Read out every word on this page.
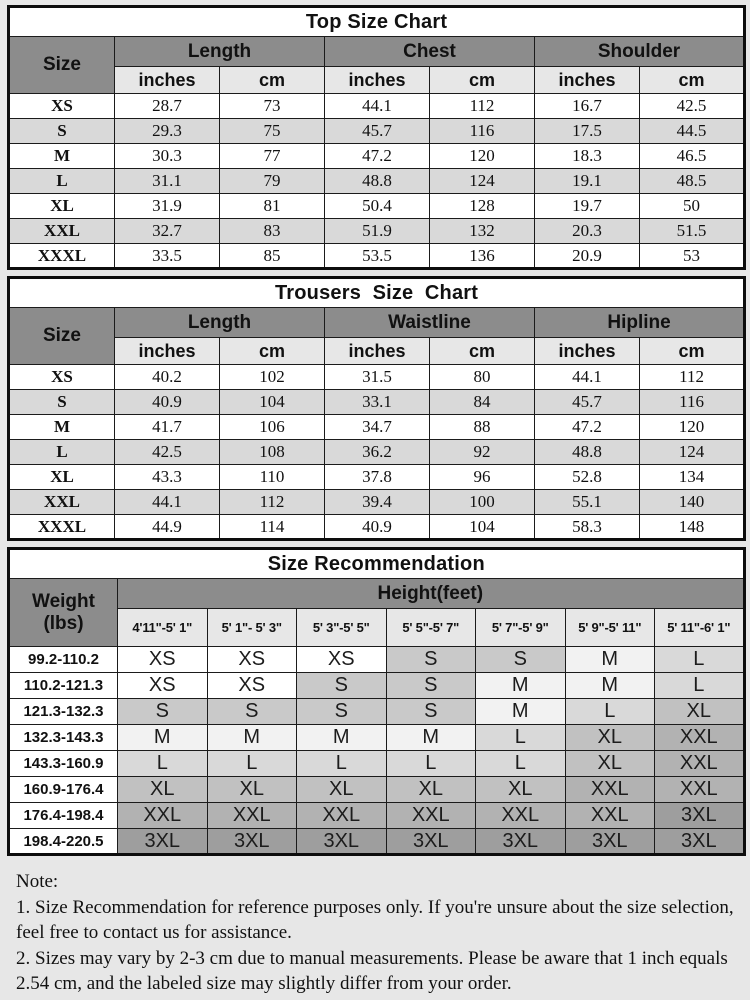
Top Size Chart						
Size	Length		Chest		Shoulder	
	inches	cm	inches	cm	inches	cm
XS	28.7	73	44.1	112	16.7	42.5
S	29.3	75	45.7	116	17.5	44.5
M	30.3	77	47.2	120	18.3	46.5
L	31.1	79	48.8	124	19.1	48.5
XL	31.9	81	50.4	128	19.7	50
XXL	32.7	83	51.9	132	20.3	51.5
XXXL	33.5	85	53.5	136	20.9	53
Trousers  Size  Chart						
Size	Length		Waistline		Hipline	
	inches	cm	inches	cm	inches	cm
XS	40.2	102	31.5	80	44.1	112
S	40.9	104	33.1	84	45.7	116
M	41.7	106	34.7	88	47.2	120
L	42.5	108	36.2	92	48.8	124
XL	43.3	110	37.8	96	52.8	134
XXL	44.1	112	39.4	100	55.1	140
XXXL	44.9	114	40.9	104	58.3	148
Size Recommendation							

Weight
(lbs)	Height(feet)						
	4'11"-5' 1"	5' 1"- 5' 3"	5' 3"-5' 5"	5' 5"-5' 7"	5' 7"-5' 9"	5' 9"-5' 11"	5' 11"-6' 1"
99.2-110.2	XS	XS	XS	S	S	M	L
110.2-121.3	XS	XS	S	S	M	M	L
121.3-132.3	S	S	S	S	M	L	XL
132.3-143.3	M	M	M	M	L	XL	XXL
143.3-160.9	L	L	L	L	L	XL	XXL
160.9-176.4	XL	XL	XL	XL	XL	XXL	XXL
176.4-198.4	XXL	XXL	XXL	XXL	XXL	XXL	3XL
198.4-220.5	3XL	3XL	3XL	3XL	3XL	3XL	3XL

Note:

1. Size Recommendation for reference purposes only. If you're unsure about the size selection, feel free to contact us for assistance.

2. Sizes may vary by 2-3 cm due to manual measurements. Please be aware that 1 inch equals 2.54 cm, and the labeled size may slightly differ from your order.
